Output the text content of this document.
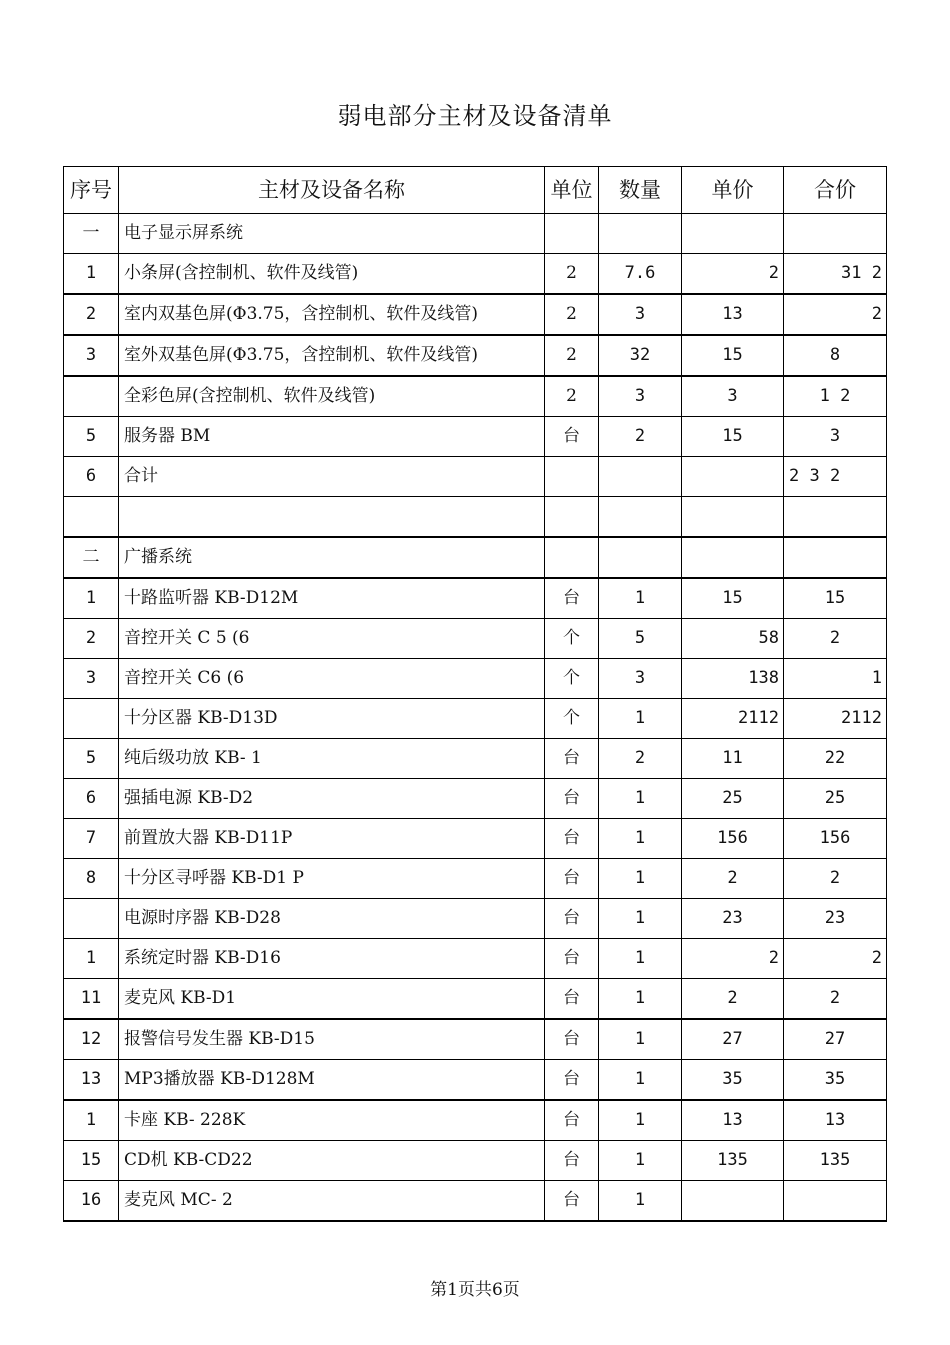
弱电部分主材及设备清单
序号	主材及设备名称	单位	数量	单价	合价
一	电子显示屏系统				
1	小条屏(含控制机、软件及线管)	2	7.6	2	31 2
2	室内双基色屏(Φ3.75，含控制机、软件及线管)	2	3	13	2
3	室外双基色屏(Φ3.75，含控制机、软件及线管)	2	32	15	8
	全彩色屏(含控制机、软件及线管)	2	3	3	1 2
5	服务器 BM	台	2	15	3
6	合计				2 3 2

二	广播系统				
1	十路监听器 KB-D12M	台	1	15	15
2	音控开关 C 5 (6	个	5	58	2
3	音控开关 C6 (6	个	3	138	1
	十分区器 KB-D13D	个	1	2112	2112
5	纯后级功放 KB- 1	台	2	11	22
6	强插电源 KB-D2	台	1	25	25
7	前置放大器 KB-D11P	台	1	156	156
8	十分区寻呼器 KB-D1 P	台	1	2	2
	电源时序器 KB-D28	台	1	23	23
1	系统定时器 KB-D16	台	1	2	2
11	麦克风 KB-D1	台	1	2	2
12	报警信号发生器 KB-D15	台	1	27	27
13	MP3播放器 KB-D128M	台	1	35	35
1	卡座 KB- 228K	台	1	13	13
15	CD机 KB-CD22	台	1	135	135
16	麦克风 MC- 2	台	1		
第1页共6页
